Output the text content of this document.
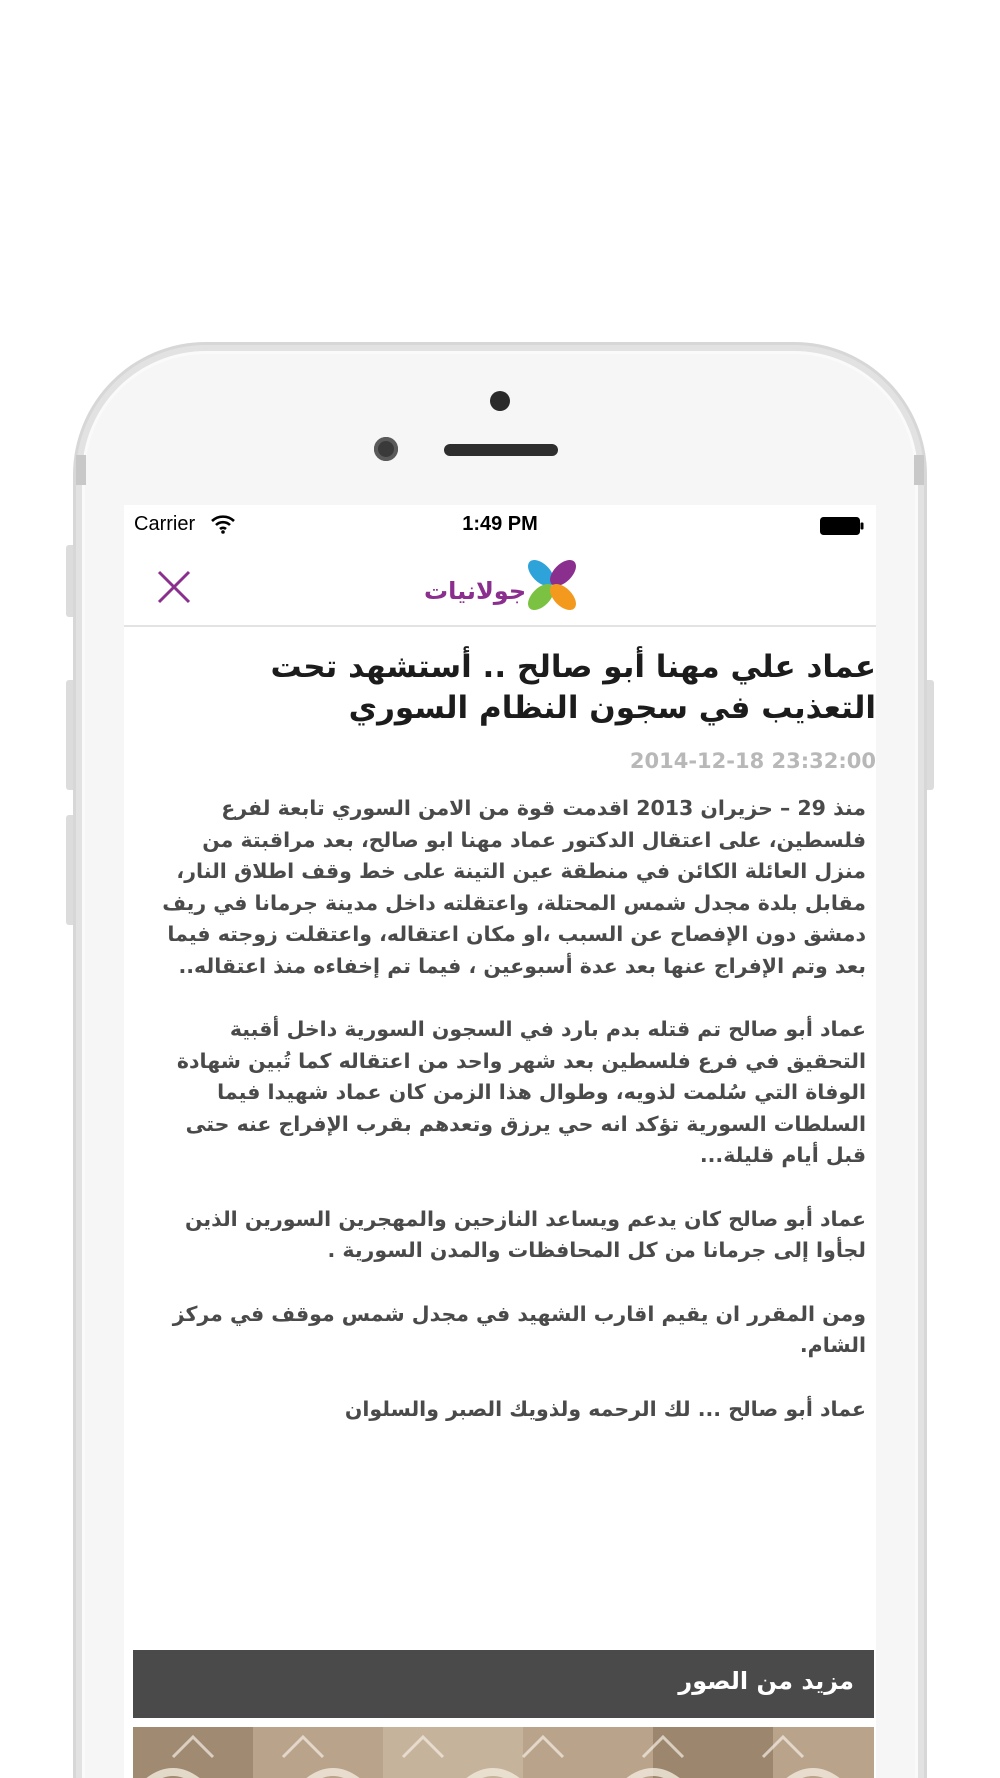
Carrier	1:49 PM
جولانيات
عماد علي مهنا أبو صالح .. أستشهد تحت التعذيب في سجون النظام السوري
2014-12-18 23:32:00

منذ 29 – حزيران 2013 اقدمت قوة من الامن السوري تابعة لفرع فلسطين، على اعتقال الدكتور عماد مهنا ابو صالح، بعد مراقبتة من منزل العائلة الكائن في منطقة عين التينة على خط وقف اطلاق النار، مقابل بلدة مجدل شمس المحتلة، واعتقلته داخل مدينة جرمانا في ريف دمشق دون الإفصاح عن السبب ،او مكان اعتقاله، واعتقلت زوجته فيما بعد وتم الإفراج عنها بعد عدة أسبوعين ، فيما تم إخفاءه منذ اعتقاله..

عماد أبو صالح تم قتله بدم بارد في السجون السورية داخل أقبية التحقيق في فرع فلسطين بعد شهر واحد من اعتقاله كما تُبين شهادة الوفاة التي سُلمت لذويه، وطوال هذا الزمن كان عماد شهيدا فيما السلطات السورية تؤكد انه حي يرزق وتعدهم بقرب الإفراج عنه حتى قبل أيام قليلة...

عماد أبو صالح كان يدعم ويساعد النازحين والمهجرين السورين الذين لجأوا إلى جرمانا من كل المحافظات والمدن السورية .

ومن المقرر ان يقيم اقارب الشهيد في مجدل شمس موقف في مركز الشام.

عماد أبو صالح ... لك الرحمه ولذويك الصبر والسلوان

مزيد من الصور
